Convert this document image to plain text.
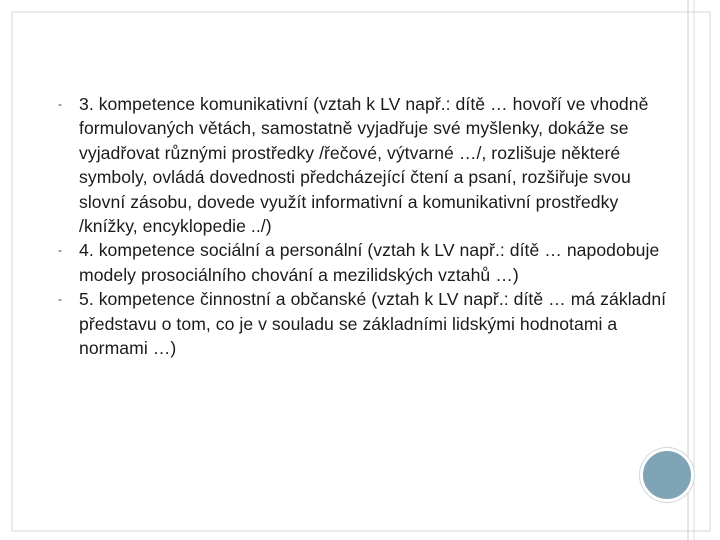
- 3. kompetence komunikativní (vztah k LV např.: dítě … hovoří ve vhodně formulovaných větách, samostatně vyjadřuje své myšlenky, dokáže se vyjadřovat různými prostředky /řečové, výtvarné …/, rozlišuje některé symboly, ovládá dovednosti předcházející čtení a psaní, rozšiřuje svou slovní zásobu, dovede využít informativní a komunikativní prostředky /knížky, encyklopedie ../)
- 4. kompetence sociální a personální (vztah k LV např.: dítě … napodobuje modely prosociálního chování a mezilidských vztahů …)
- 5. kompetence činnostní a občanské (vztah k LV např.: dítě … má základní představu o tom, co je v souladu se základními lidskými hodnotami a normami …)
